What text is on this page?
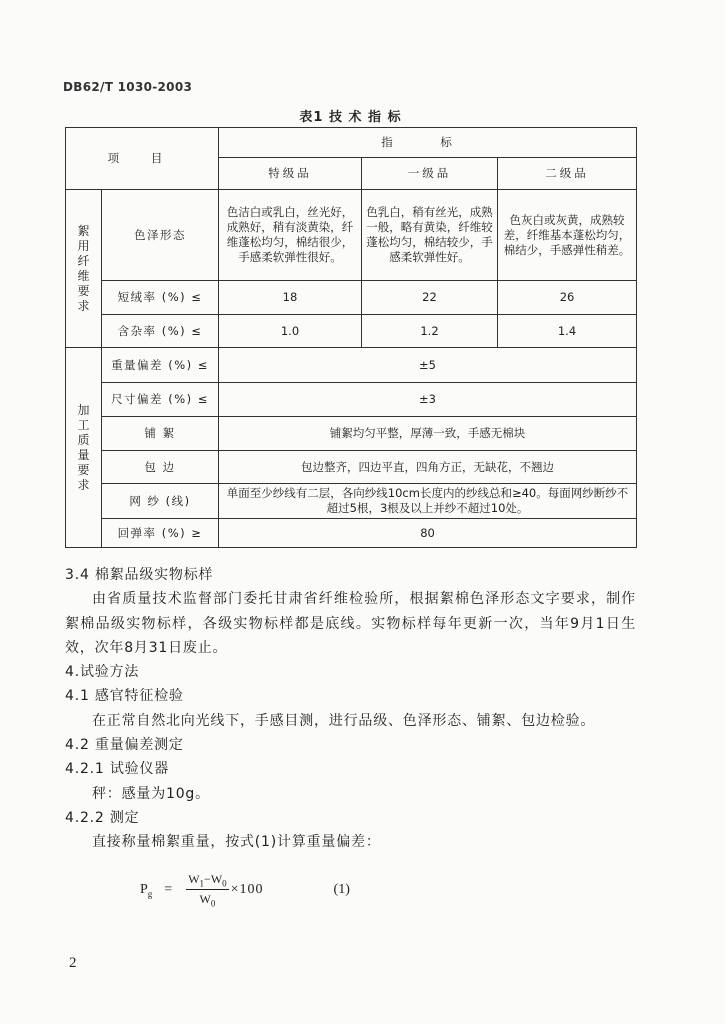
DB62/T 1030-2003
表1 技 术 指 标
项 目		指 标		
		特级品	一级品	二级品
絮用纤维要求	色泽形态	色洁白或乳白，丝光好，成熟好，稍有淡黄染，纤维蓬松均匀，棉结很少，手感柔软弹性很好。	色乳白，稍有丝光，成熟一般，略有黄染，纤维较蓬松均匀，棉结较少，手感柔软弹性好。	色灰白或灰黄，成熟较差，纤维基本蓬松均匀，棉结少，手感弹性稍差。
	短绒率 (%) ≤	18	22	26
	含杂率 (%) ≤	1.0	1.2	1.4
加工质量要求	重量偏差 (%) ≤	±5		
	尺寸偏差 (%) ≤	±3		
	铺 絮	铺絮均匀平整，厚薄一致，手感无棉块		
	包 边	包边整齐，四边平直，四角方正，无缺花，不翘边		
	网 纱 (线)	单面至少纱线有二层，各向纱线10cm长度内的纱线总和≥40。每面网纱断纱不超过5根，3根及以上并纱不超过10处。		
	回弹率 (%) ≥	80		

3.4 棉絮品级实物标样

由省质量技术监督部门委托甘肃省纤维检验所，根据絮棉色泽形态文字要求，制作絮棉品级实物标样，各级实物标样都是底线。实物标样每年更新一次，当年9月1日生效，次年8月31日废止。

4.试验方法

4.1 感官特征检验

在正常自然北向光线下，手感目测，进行品级、色泽形态、铺絮、包边检验。

4.2 重量偏差测定

4.2.1 试验仪器

秤：感量为10g。

4.2.2 测定

直接称量棉絮重量，按式(1)计算重量偏差：

$P_g = \frac{W_1-W_0}{W_0} \times 100$	(1)
2
